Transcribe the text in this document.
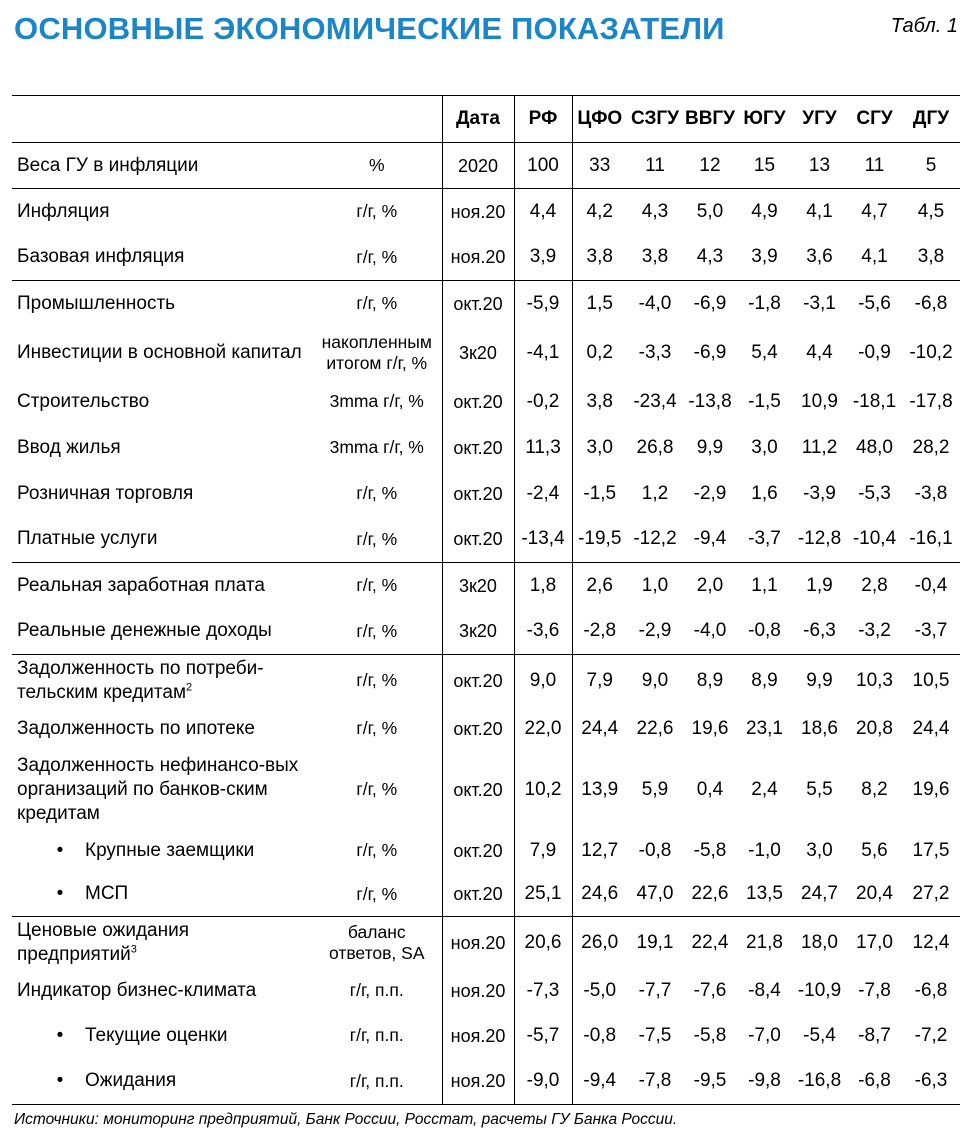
ОСНОВНЫЕ ЭКОНОМИЧЕСКИЕ ПОКАЗАТЕЛИ	Табл. 1
		Дата	РФ	ЦФО	СЗГУ	ВВГУ	ЮГУ	УГУ	СГУ	ДГУ
Веса ГУ в инфляции	%	2020	100	33	11	12	15	13	11	5
Инфляция	г/г, %	ноя.20	4,4	4,2	4,3	5,0	4,9	4,1	4,7	4,5
Базовая инфляция	г/г, %	ноя.20	3,9	3,8	3,8	4,3	3,9	3,6	4,1	3,8
Промышленность	г/г, %	окт.20	-5,9	1,5	-4,0	-6,9	-1,8	-3,1	-5,6	-6,8
Инвестиции в основной капитал	накопленным итогом г/г, %	3к20	-4,1	0,2	-3,3	-6,9	5,4	4,4	-0,9	-10,2
Строительство	3mma г/г, %	окт.20	-0,2	3,8	-23,4	-13,8	-1,5	10,9	-18,1	-17,8
Ввод жилья	3mma г/г, %	окт.20	11,3	3,0	26,8	9,9	3,0	11,2	48,0	28,2
Розничная торговля	г/г, %	окт.20	-2,4	-1,5	1,2	-2,9	1,6	-3,9	-5,3	-3,8
Платные услуги	г/г, %	окт.20	-13,4	-19,5	-12,2	-9,4	-3,7	-12,8	-10,4	-16,1
Реальная заработная плата	г/г, %	3к20	1,8	2,6	1,0	2,0	1,1	1,9	2,8	-0,4
Реальные денежные доходы	г/г, %	3к20	-3,6	-2,8	-2,9	-4,0	-0,8	-6,3	-3,2	-3,7
Задолженность по потреби-тельским кредитам$^2$	г/г, %	окт.20	9,0	7,9	9,0	8,9	8,9	9,9	10,3	10,5
Задолженность по ипотеке	г/г, %	окт.20	22,0	24,4	22,6	19,6	23,1	18,6	20,8	24,4
Задолженность нефинансо-вых организаций по банков-ским кредитам	г/г, %	окт.20	10,2	13,9	5,9	0,4	2,4	5,5	8,2	19,6
• Крупные заемщики	г/г, %	окт.20	7,9	12,7	-0,8	-5,8	-1,0	3,0	5,6	17,5
• МСП	г/г, %	окт.20	25,1	24,6	47,0	22,6	13,5	24,7	20,4	27,2
Ценовые ожидания предприятий$^3$	баланс ответов, SA	ноя.20	20,6	26,0	19,1	22,4	21,8	18,0	17,0	12,4
Индикатор бизнес-климата	г/г, п.п.	ноя.20	-7,3	-5,0	-7,7	-7,6	-8,4	-10,9	-7,8	-6,8
• Текущие оценки	г/г, п.п.	ноя.20	-5,7	-0,8	-7,5	-5,8	-7,0	-5,4	-8,7	-7,2
• Ожидания	г/г, п.п.	ноя.20	-9,0	-9,4	-7,8	-9,5	-9,8	-16,8	-6,8	-6,3
Источники: мониторинг предприятий, Банк России, Росстат, расчеты ГУ Банка России.
